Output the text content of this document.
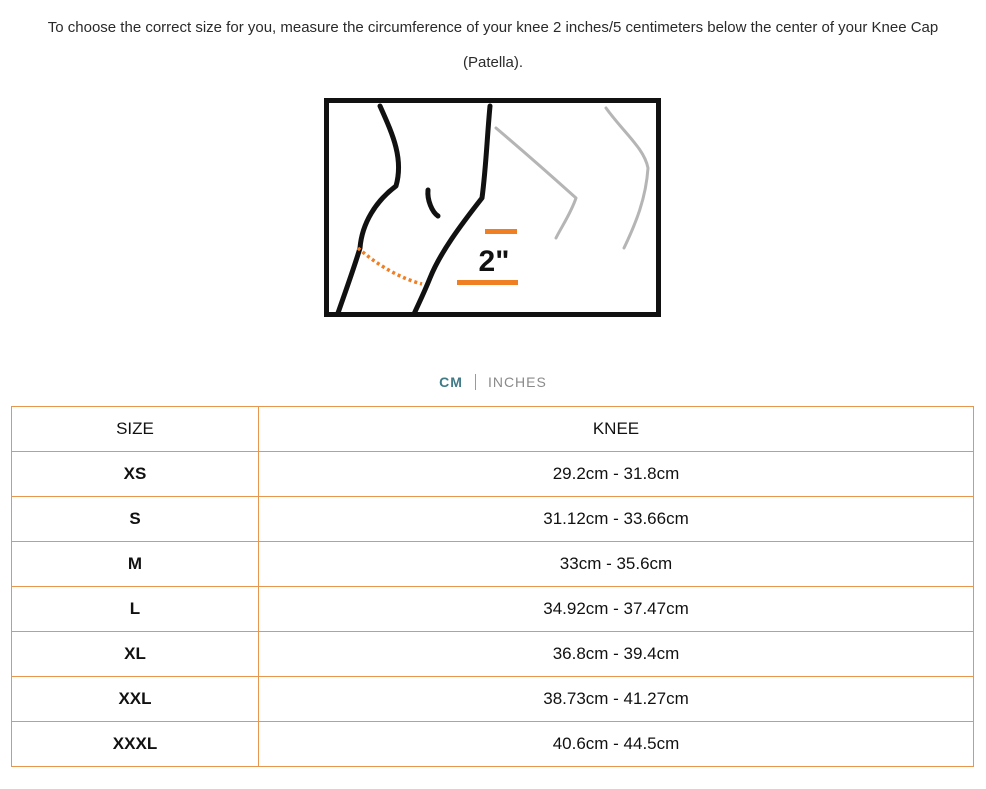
To choose the correct size for you, measure the circumference of your knee 2 inches/5 centimeters below the center of your Knee Cap
(Patella).

2"
CM INCHES
SIZE	KNEE
XS	29.2cm - 31.8cm
S	31.12cm - 33.66cm
M	33cm - 35.6cm
L	34.92cm - 37.47cm
XL	36.8cm - 39.4cm
XXL	38.73cm - 41.27cm
XXXL	40.6cm - 44.5cm
